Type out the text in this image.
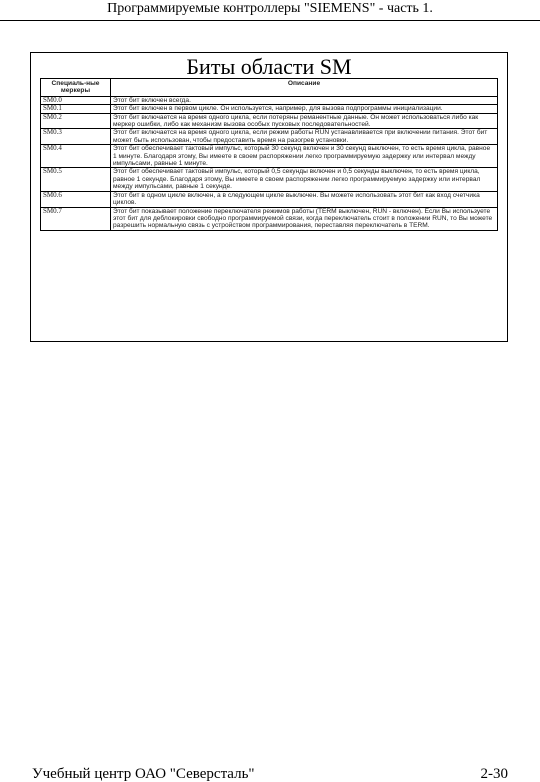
Программируемые контроллеры "SIEMENS" - часть 1.
Биты области SM
Специаль-ные меркеры	Описание
SM0.0	Этот бит включен всегда.
SM0.1	Этот бит включен в первом цикле. Он используется, например, для вызова подпрограммы инициализации.
SM0.2	Этот бит включается на время одного цикла, если потеряны реманентные данные. Он может использоваться либо как меркер ошибки, либо как механизм вызова особых пусковых последовательностей.
SM0.3	Этот бит включается на время одного цикла, если режим работы RUN устанавливается при включении питания. Этот бит может быть использован, чтобы предоставить время на разогрев установки.
SM0.4	Этот бит обеспечивает тактовый импульс, который 30 секунд включен и 30 секунд выключен, то есть время цикла, равное 1 минуте. Благодаря этому, Вы имеете в своем распоряжении легко программируемую задержку или интервал между импульсами, равные 1 минуте.
SM0.5	Этот бит обеспечивает тактовый импульс, который 0,5 секунды включен и 0,5 секунды выключен, то есть время цикла, равное 1 секунде. Благодаря этому, Вы имеете в своем распоряжении легко программируемую задержку или интервал между импульсами, равные 1 секунде.
SM0.6	Этот бит в одном цикле включен, а в следующем цикле выключен. Вы можете использовать этот бит как вход счетчика циклов.
SM0.7	Этот бит показывает положение переключателя режимов работы (TERM выключен, RUN - включен). Если Вы используете этот бит для деблокировки свободно программируемой связи, когда переключатель стоит в положении RUN, то Вы можете разрешить нормальную связь с устройством программирования, переставляя переключатель в TERM.
Учебный центр ОАО "Северсталь"	2-30
